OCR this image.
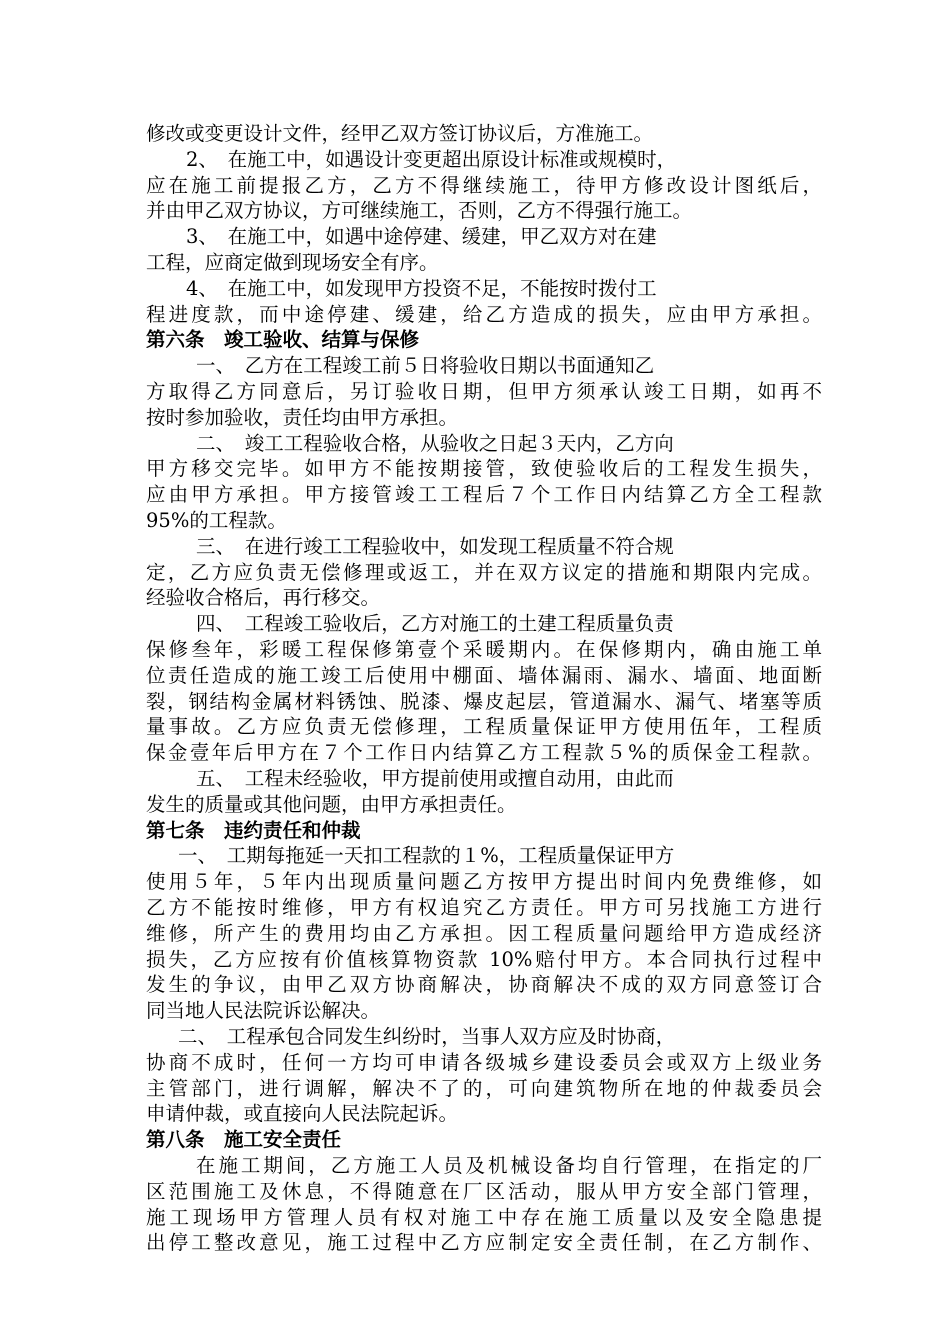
修改或变更设计文件，经甲乙双方签订协议后，方准施工。
2、　在施工中，如遇设计变更超出原设计标准或规模时，
应在施工前提报乙方，乙方不得继续施工，待甲方修改设计图纸后，
并由甲乙双方协议，方可继续施工，否则，乙方不得强行施工。
3、　在施工中，如遇中途停建、缓建，甲乙双方对在建
工程，应商定做到现场安全有序。
4、　在施工中，如发现甲方投资不足，不能按时拨付工
程进度款，而中途停建、缓建，给乙方造成的损失，应由甲方承担。
第六条　竣工验收、结算与保修
一、　乙方在工程竣工前５日将验收日期以书面通知乙
方取得乙方同意后，另订验收日期，但甲方须承认竣工日期，如再不
按时参加验收，责任均由甲方承担。
二、　竣工工程验收合格，从验收之日起３天内，乙方向
甲方移交完毕。如甲方不能按期接管，致使验收后的工程发生损失，
应由甲方承担。甲方接管竣工工程后７个工作日内结算乙方全工程款
95%的工程款。
三、　在进行竣工工程验收中，如发现工程质量不符合规
定，乙方应负责无偿修理或返工，并在双方议定的措施和期限内完成。
经验收合格后，再行移交。
四、　工程竣工验收后，乙方对施工的土建工程质量负责
保修叁年，彩暖工程保修第壹个采暖期内。在保修期内，确由施工单
位责任造成的施工竣工后使用中棚面、墙体漏雨、漏水、墙面、地面断
裂，钢结构金属材料锈蚀、脱漆、爆皮起层，管道漏水、漏气、堵塞等质
量事故。乙方应负责无偿修理，工程质量保证甲方使用伍年，工程质
保金壹年后甲方在７个工作日内结算乙方工程款５%的质保金工程款。
五、　工程未经验收，甲方提前使用或擅自动用，由此而
发生的质量或其他问题，由甲方承担责任。
第七条　违约责任和仲裁
一、　工期每拖延一天扣工程款的１%，工程质量保证甲方
使用５年，５年内出现质量问题乙方按甲方提出时间内免费维修，如
乙方不能按时维修，甲方有权追究乙方责任。甲方可另找施工方进行
维修，所产生的费用均由乙方承担。因工程质量问题给甲方造成经济
损失，乙方应按有价值核算物资款 10%赔付甲方。本合同执行过程中
发生的争议，由甲乙双方协商解决，协商解决不成的双方同意签订合
同当地人民法院诉讼解决。
二、　工程承包合同发生纠纷时，当事人双方应及时协商，
协商不成时，任何一方均可申请各级城乡建设委员会或双方上级业务
主管部门，进行调解，解决不了的，可向建筑物所在地的仲裁委员会
申请仲裁，或直接向人民法院起诉。
第八条　施工安全责任
在施工期间，乙方施工人员及机械设备均自行管理，在指定的厂
区范围施工及休息，不得随意在厂区活动，服从甲方安全部门管理，
施工现场甲方管理人员有权对施工中存在施工质量以及安全隐患提
出停工整改意见，施工过程中乙方应制定安全责任制，在乙方制作、
